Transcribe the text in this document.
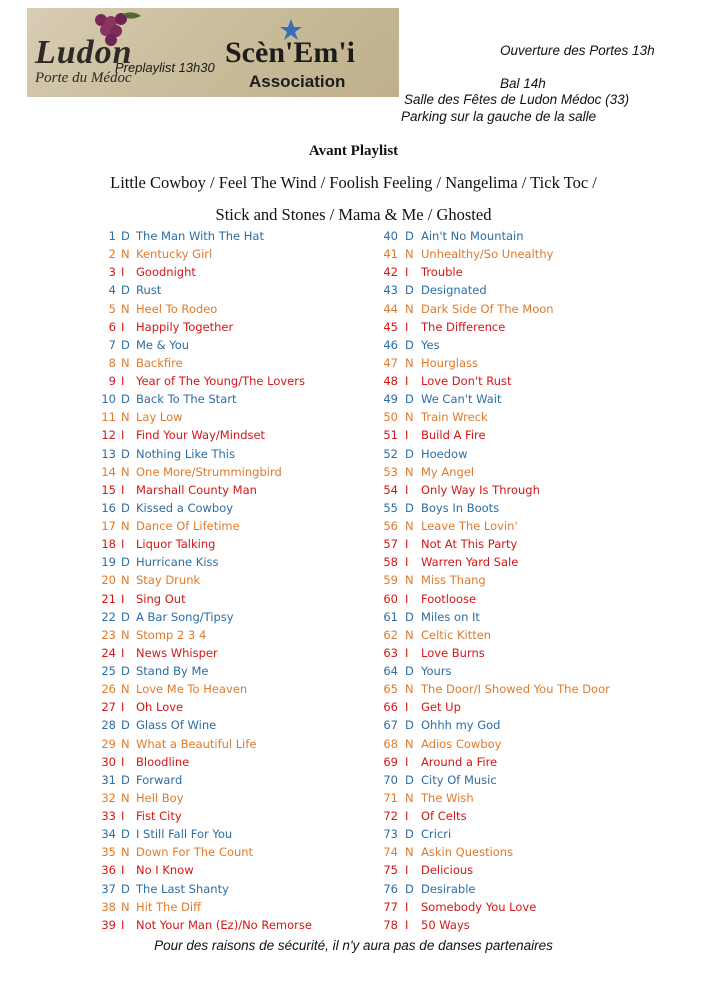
Ludon
Porte du Médoc
Preplaylist 13h30 Scèn'Em'i
Association
Ouverture des Portes 13h
Bal 14h
Salle des Fêtes de Ludon Médoc (33)
Parking sur la gauche de la salle
Avant Playlist
Little Cowboy / Feel The Wind / Foolish Feeling / Nangelima / Tick Toc /
Stick and Stones / Mama & Me / Ghosted
1 D The Man With The Hat
2 N Kentucky Girl
3 I Goodnight
4 D Rust
5 N Heel To Rodeo
6 I Happily Together
7 D Me & You
8 N Backfire
9 I Year of The Young/The Lovers
10 D Back To The Start
11 N Lay Low
12 I Find Your Way/Mindset
13 D Nothing Like This
14 N One More/Strummingbird
15 I Marshall County Man
16 D Kissed a Cowboy
17 N Dance Of Lifetime
18 I Liquor Talking
19 D Hurricane Kiss
20 N Stay Drunk
21 I Sing Out
22 D A Bar Song/Tipsy
23 N Stomp 2 3 4
24 I News Whisper
25 D Stand By Me
26 N Love Me To Heaven
27 I Oh Love
28 D Glass Of Wine
29 N What a Beautiful Life
30 I Bloodline
31 D Forward
32 N Hell Boy
33 I Fist City
34 D I Still Fall For You
35 N Down For The Count
36 I No I Know
37 D The Last Shanty
38 N Hit The Diff
39 I Not Your Man (Ez)/No Remorse
40 D Ain't No Mountain
41 N Unhealthy/So Unealthy
42 I Trouble
43 D Designated
44 N Dark Side Of The Moon
45 I The Difference
46 D Yes
47 N Hourglass
48 I Love Don't Rust
49 D We Can't Wait
50 N Train Wreck
51 I Build A Fire
52 D Hoedow
53 N My Angel
54 I Only Way Is Through
55 D Boys In Boots
56 N Leave The Lovin'
57 I Not At This Party
58 I Warren Yard Sale
59 N Miss Thang
60 I Footloose
61 D Miles on It
62 N Celtic Kitten
63 I Love Burns
64 D Yours
65 N The Door/I Showed You The Door
66 I Get Up
67 D Ohhh my God
68 N Adios Cowboy
69 I Around a Fire
70 D City Of Music
71 N The Wish
72 I Of Celts
73 D Cricri
74 N Askin Questions
75 I Delicious
76 D Desirable
77 I Somebody You Love
78 I 50 Ways
Pour des raisons de sécurité, il n'y aura pas de danses partenaires
